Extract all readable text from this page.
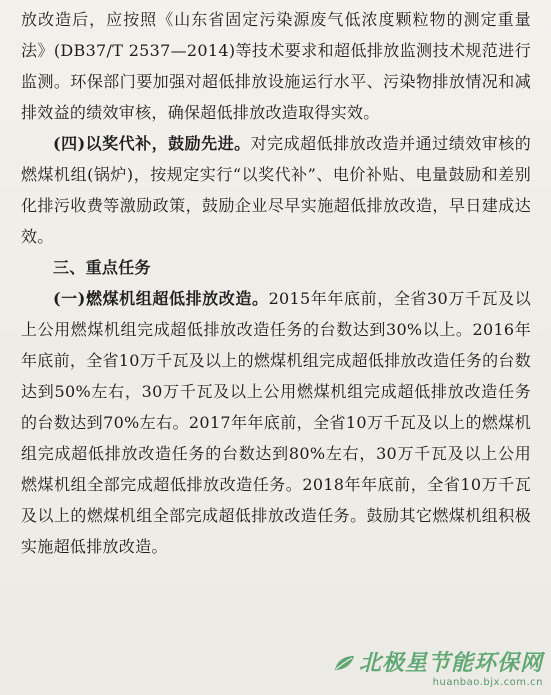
放改造后，应按照《山东省固定污染源废气低浓度颗粒物的测定重量法》(DB37/T 2537—2014)等技术要求和超低排放监测技术规范进行监测。环保部门要加强对超低排放设施运行水平、污染物排放情况和减排效益的绩效审核，确保超低排放改造取得实效。

(四)以奖代补，鼓励先进。对完成超低排放改造并通过绩效审核的燃煤机组(锅炉)，按规定实行“以奖代补”、电价补贴、电量鼓励和差别化排污收费等激励政策，鼓励企业尽早实施超低排放改造，早日建成达效。

三、重点任务

(一)燃煤机组超低排放改造。2015年年底前，全省30万千瓦及以上公用燃煤机组完成超低排放改造任务的台数达到30%以上。2016年年底前，全省10万千瓦及以上的燃煤机组完成超低排放改造任务的台数达到50%左右，30万千瓦及以上公用燃煤机组完成超低排放改造任务的台数达到70%左右。2017年年底前，全省10万千瓦及以上的燃煤机组完成超低排放改造任务的台数达到80%左右，30万千瓦及以上公用燃煤机组全部完成超低排放改造任务。2018年年底前，全省10万千瓦及以上的燃煤机组全部完成超低排放改造任务。鼓励其它燃煤机组积极实施超低排放改造。

北极星节能环保网
huanbao.bjx.com.cn
